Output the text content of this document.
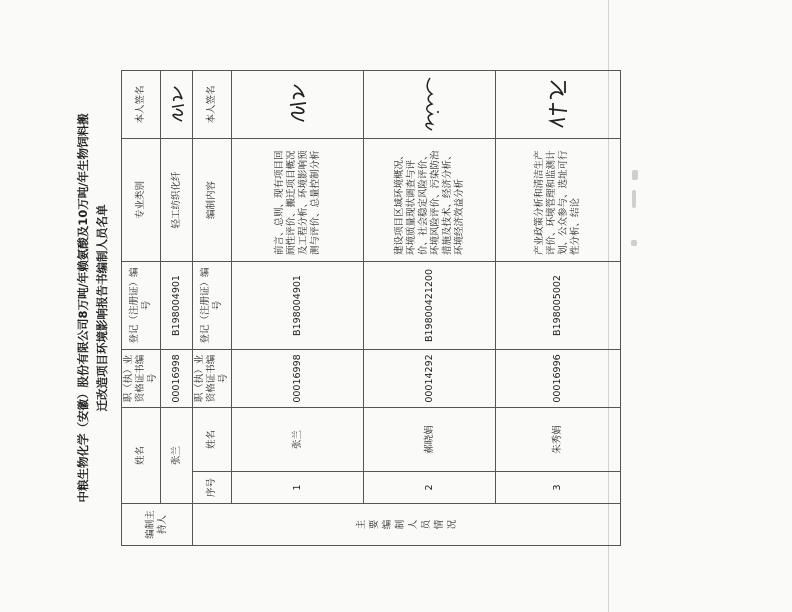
中粮生物化学（安徽）股份有限公司8万吨/年赖氨酸及10万吨/年生物饲料搬 迁改造项目环境影响报告书编制人员名单
编制主持人	姓名		职（执）业资格证书编号	登记（注册证）编号	专业类别	本人签名
	张兰		00016998	B198004901	轻工纺织化纤	

主要编制人员情况	序号	姓名	职（执）业资格证书编号	登记（注册证）编号	编制内容	本人签名
	1	张兰	00016998	B198004901	前言、总则、现有项目回顾性评价、搬迁项目概况及工程分析、环境影响预测与评价、总量控制分析	

	2	郝晓娟	00014292	B19800421200	建设项目区域环境概况、环境质量现状调查与评价、社会稳定风险评价、环境风险评价、污染防治措施及技术、经济分析、环境经济效益分析	

	3	朱秀娟	00016996	B198005002	产业政策分析和清洁生产评价、环境管理和监测计划、公众参与、选址可行性分析、结论	
